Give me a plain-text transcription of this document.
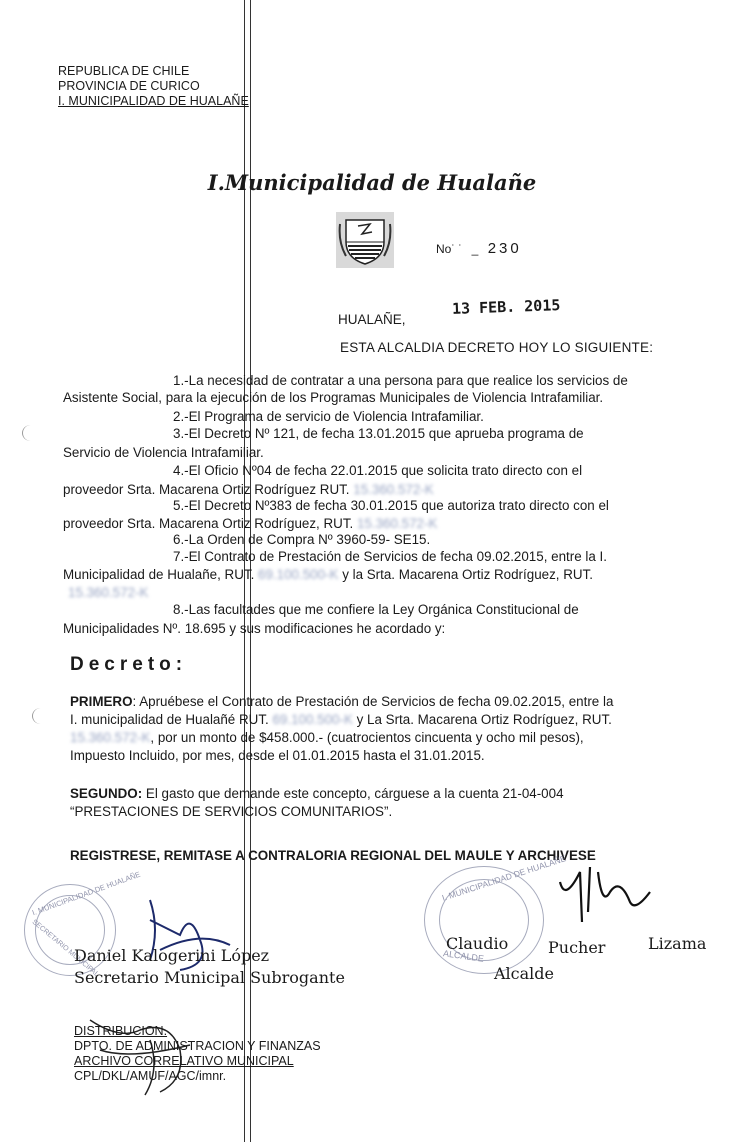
REPUBLICA DE CHILE
PROVINCIA DE CURICO
I. MUNICIPALIDAD DE HUALAÑE
I.Municipalidad de Hualañe
No˙˙ _ 230
HUALAÑE,
13 FEB. 2015
ESTA ALCALDIA DECRETO HOY LO SIGUIENTE:
1.-La necesidad de contratar a una persona para que realice los servicios de
Asistente Social, para la ejecución de los Programas Municipales de Violencia Intrafamiliar.
2.-El Programa de servicio de Violencia Intrafamiliar.
3.-El Decreto Nº 121, de fecha 13.01.2015 que aprueba programa de
Servicio de Violencia Intrafamiliar.
4.-El Oficio Nº04 de fecha 22.01.2015 que solicita trato directo con el
proveedor Srta. Macarena Ortiz Rodríguez RUT. 15.360.572-K
5.-El Decreto Nº383 de fecha 30.01.2015 que autoriza trato directo con el
proveedor Srta. Macarena Ortiz Rodríguez, RUT. 15.360.572-K
6.-La Orden de Compra Nº 3960-59- SE15.
7.-El Contrato de Prestación de Servicios de fecha 09.02.2015, entre la I.
Municipalidad de Hualañe, RUT. 69.100.500-K y la Srta. Macarena Ortiz Rodríguez, RUT.
15.360.572-K
8.-Las facultades que me confiere la Ley Orgánica Constitucional de
Municipalidades Nº. 18.695 y sus modificaciones he acordado y:
Decreto:
PRIMERO: Apruébese el Contrato de Prestación de Servicios de fecha 09.02.2015, entre la
I. municipalidad de Hualañé RUT. 69.100.500-K y La Srta. Macarena Ortiz Rodríguez, RUT.
15.360.572-K, por un monto de $458.000.- (cuatrocientos cincuenta y ocho mil pesos),
Impuesto Incluido, por mes, desde el 01.01.2015 hasta el 31.01.2015.
SEGUNDO: El gasto que demande este concepto, cárguese a la cuenta 21-04-004
“PRESTACIONES DE SERVICIOS COMUNITARIOS”.
REGISTRESE, REMITASE A CONTRALORIA REGIONAL DEL MAULE Y ARCHIVESE
I. MUNICIPALIDAD DE HUALAÑE
SECRETARIO MUNICIPAL
I. MUNICIPALIDAD DE HUALAÑE
ALCALDE
Daniel Kalogerini López
Secretario Municipal Subrogante
Claudio Pucher	Lizama
Alcalde
DISTRIBUCION.
DPTO. DE ADMINISTRACION Y FINANZAS
ARCHIVO CORRELATIVO MUNICIPAL
CPL/DKL/AMUF/AGC/imnr.
